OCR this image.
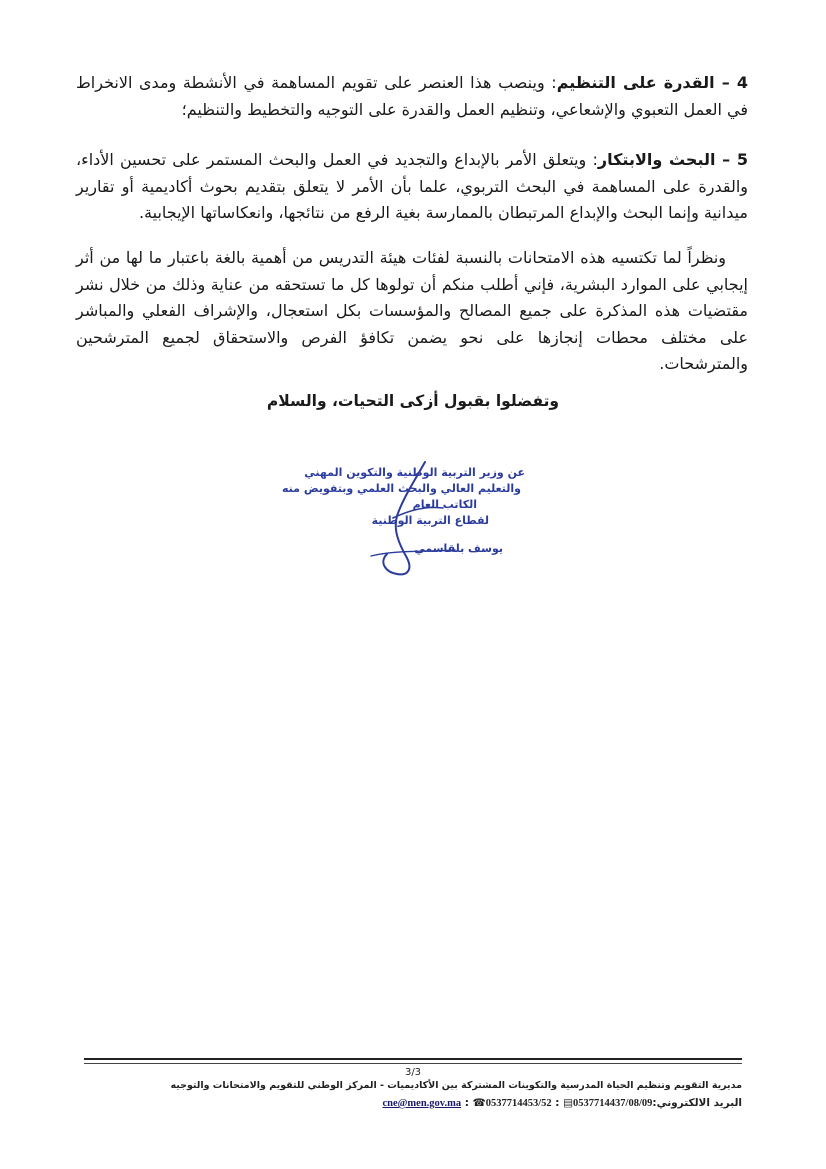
4 – القدرة على التنظيم: وينصب هذا العنصر على تقويم المساهمة في الأنشطة ومدى الانخراط في العمل التعبوي والإشعاعي، وتنظيم العمل والقدرة على التوجيه والتخطيط والتنظيم؛
5 – البحث والابتكار: ويتعلق الأمر بالإبداع والتجديد في العمل والبحث المستمر على تحسين الأداء، والقدرة على المساهمة في البحث التربوي، علما بأن الأمر لا يتعلق بتقديم بحوث أكاديمية أو تقارير ميدانية وإنما البحث والإبداع المرتبطان بالممارسة بغية الرفع من نتائجها، وانعكاساتها الإيجابية.
ونظراً لما تكتسيه هذه الامتحانات بالنسبة لفئات هيئة التدريس من أهمية بالغة باعتبار ما لها من أثر إيجابي على الموارد البشرية، فإني أطلب منكم أن تولوها كل ما تستحقه من عناية وذلك من خلال نشر مقتضيات هذه المذكرة على جميع المصالح والمؤسسات بكل استعجال، والإشراف الفعلي والمباشر على مختلف محطات إنجازها على نحو يضمن تكافؤ الفرص والاستحقاق لجميع المترشحين والمترشحات.
وتفضلوا بقبول أزكى التحيات، والسلام
عن وزير التربية الوطنية والتكوين المهني
والتعليم العالي والبحث العلمي وبتفويض منه
الكاتب العام
لقطاع التربية الوطنية
يوسف بلقاسمي
3/3
مديرية التقويم وتنظيم الحياة المدرسية والتكوينات المشتركة بين الأكاديميات - المركز الوطني للتقويم والامتحانات والتوجيه
البريد الالكتروني:cne@men.gov.ma : ☎0537714453/52 : ▤0537714437/08/09
